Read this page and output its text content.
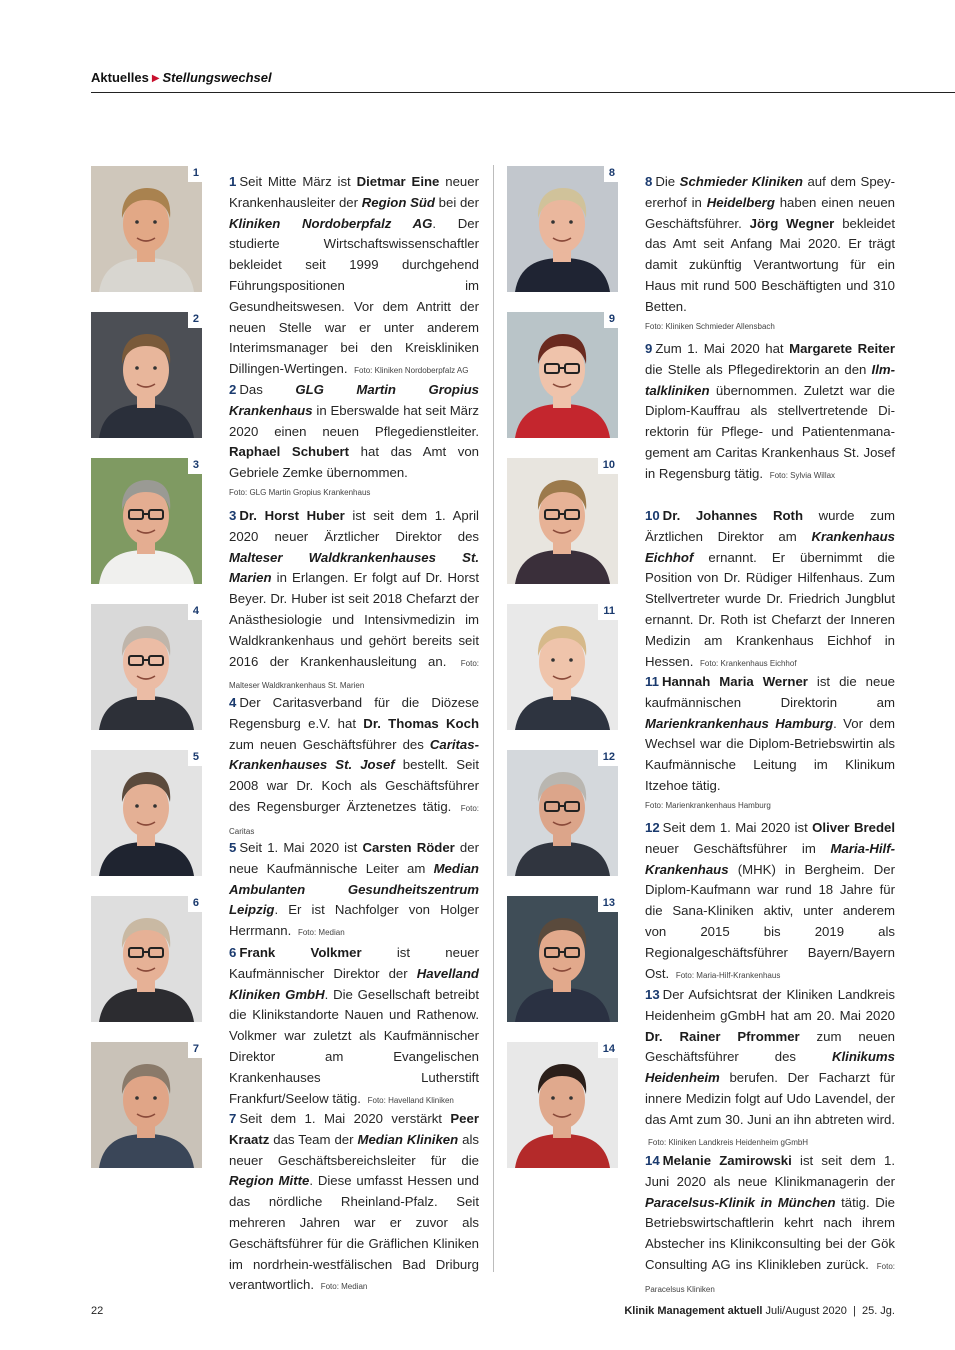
Aktuelles ▶ Stellungswechsel
1
2
3
4
5
6
7
8
9
10
11
12
13
14
1 Seit Mitte März ist Dietmar Eine neuer Krankenhausleiter der Region Süd bei der Kliniken Nordoberpfalz AG. Der studierte Wirtschaftswissenschaftler bekleidet seit 1999 durchgehend Führungspositionen im Gesundheitswesen. Vor dem Antritt der neuen Stelle war er unter anderem Interimsmanager bei den Kreiskliniken Dillingen-Wertingen. Foto: Kliniken Nordoberpfalz AG
2 Das GLG Martin Gropius Krankenhaus in Eberswalde hat seit März 2020 einen neuen Pflegedienstleiter. Raphael Schubert hat das Amt von Gebriele Zemke übernommen.
Foto: GLG Martin Gropius Krankenhaus
3 Dr. Horst Huber ist seit dem 1. April 2020 neuer Ärztlicher Direktor des Malteser Waldkrankenhauses St. Marien in Erlangen. Er folgt auf Dr. Horst Beyer. Dr. Huber ist seit 2018 Chefarzt der Anästhesiologie und Intensivmedizin im Waldkrankenhaus und gehört bereits seit 2016 der Krankenhausleitung an. Foto: Malteser Waldkrankenhaus St. Marien
4 Der Caritasverband für die Diözese Regensburg e.V. hat Dr. Thomas Koch zum neuen Geschäftsführer des Caritas-Krankenhauses St. Josef bestellt. Seit 2008 war Dr. Koch als Geschäftsführer des Regensburger Ärztenetzes tätig. Foto: Caritas
5 Seit 1. Mai 2020 ist Carsten Röder der neue Kaufmännische Leiter am Median Ambulanten Gesundheitszentrum Leipzig. Er ist Nachfolger von Holger Herrmann. Foto: Median
6 Frank Volkmer ist neuer Kaufmännischer Direktor der Havelland Kliniken GmbH. Die Gesellschaft betreibt die Klinikstandorte Nauen und Rathenow. Volkmer war zuletzt als Kaufmännischer Direktor am Evangelischen Krankenhauses Lutherstift Frankfurt/Seelow tätig. Foto: Havelland Kliniken
7 Seit dem 1. Mai 2020 verstärkt Peer Kraatz das Team der Median Kliniken als neuer Geschäftsbereichsleiter für die Region Mitte. Diese umfasst Hessen und das nördliche Rheinland-Pfalz. Seit mehreren Jahren war er zuvor als Geschäftsführer für die Gräflichen Kliniken im nordrhein-westfälischen Bad Driburg verantwortlich. Foto: Median
8 Die Schmieder Kliniken auf dem Speyererhof in Heidelberg haben einen neuen Geschäftsführer. Jörg Wegner bekleidet das Amt seit Anfang Mai 2020. Er trägt damit zukünftig Verantwortung für ein Haus mit rund 500 Beschäftigten und 310 Betten.
Foto: Kliniken Schmieder Allensbach
9 Zum 1. Mai 2020 hat Margarete Reiter die Stelle als Pflegedirektorin an den Ilmtalkliniken übernommen. Zuletzt war die Diplom-Kauffrau als stellvertretende Direktorin für Pflege- und Patientenmanagement am Caritas Krankenhaus St. Josef in Regensburg tätig. Foto: Sylvia Willax
10 Dr. Johannes Roth wurde zum Ärztlichen Direktor am Krankenhaus Eichhof ernannt. Er übernimmt die Position von Dr. Rüdiger Hilfenhaus. Zum Stellvertreter wurde Dr. Friedrich Jungblut ernannt. Dr. Roth ist Chefarzt der Inneren Medizin am Krankenhaus Eichhof in Hessen. Foto: Krankenhaus Eichhof
11 Hannah Maria Werner ist die neue kaufmännischen Direktorin am Marienkrankenhaus Hamburg. Vor dem Wechsel war die Diplom-Betriebswirtin als Kaufmännische Leitung im Klinikum Itzehoe tätig.
Foto: Marienkrankenhaus Hamburg
12 Seit dem 1. Mai 2020 ist Oliver Bredel neuer Geschäftsführer im Maria-Hilf-Krankenhaus (MHK) in Bergheim. Der Diplom-Kaufmann war rund 18 Jahre für die Sana-Kliniken aktiv, unter anderem von 2015 bis 2019 als Regionalgeschäftsführer Bayern/Bayern Ost. Foto: Maria-Hilf-Krankenhaus
13 Der Aufsichtsrat der Kliniken Landkreis Heidenheim gGmbH hat am 20. Mai 2020 Dr. Rainer Pfrommer zum neuen Geschäftsführer des Klinikums Heidenheim berufen. Der Facharzt für innere Medizin folgt auf Udo Lavendel, der das Amt zum 30. Juni an ihn abtreten wird. Foto: Kliniken Landkreis Heidenheim gGmbH
14 Melanie Zamirowski ist seit dem 1. Juni 2020 als neue Klinikmanagerin der Paracelsus-Klinik in München tätig. Die Betriebswirtschaftlerin kehrt nach ihrem Abstecher ins Klinikconsulting bei der Gök Consulting AG ins Klinikleben zurück. Foto: Paracelsus Kliniken
22	Klinik Management aktuell Juli/August 2020  |  25. Jg.
